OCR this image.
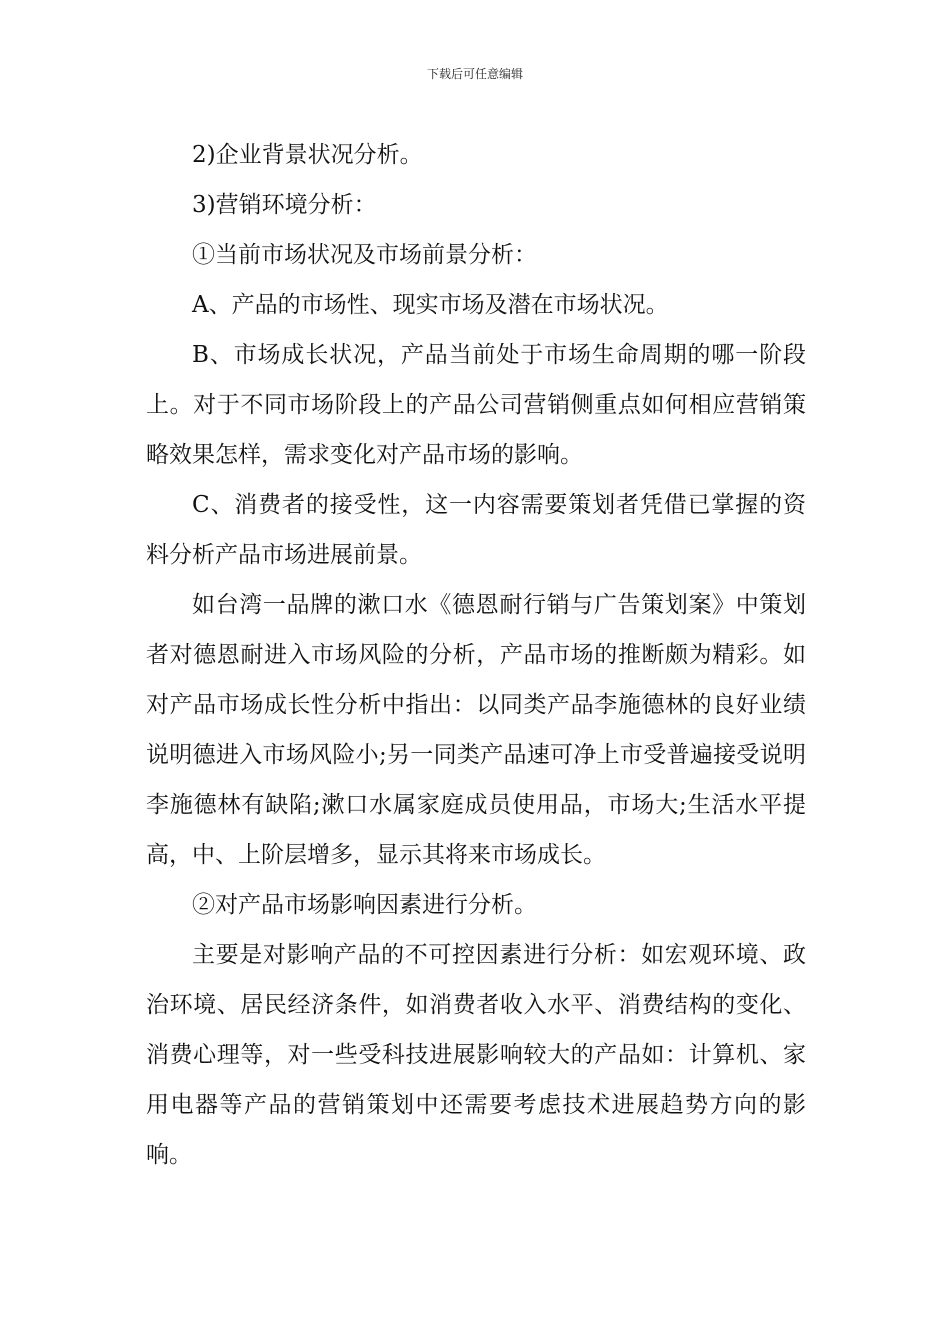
下载后可任意编辑

2)企业背景状况分析。

3)营销环境分析：

①当前市场状况及市场前景分析：

A、产品的市场性、现实市场及潜在市场状况。

B、市场成长状况，产品当前处于市场生命周期的哪一阶段上。对于不同市场阶段上的产品公司营销侧重点如何相应营销策略效果怎样，需求变化对产品市场的影响。

C、消费者的接受性，这一内容需要策划者凭借已掌握的资料分析产品市场进展前景。

如台湾一品牌的漱口水《德恩耐行销与广告策划案》中策划者对德恩耐进入市场风险的分析，产品市场的推断颇为精彩。如对产品市场成长性分析中指出：以同类产品李施德林的良好业绩说明德进入市场风险小;另一同类产品速可净上市受普遍接受说明李施德林有缺陷;漱口水属家庭成员使用品，市场大;生活水平提高，中、上阶层增多，显示其将来市场成长。

②对产品市场影响因素进行分析。

主要是对影响产品的不可控因素进行分析：如宏观环境、政治环境、居民经济条件，如消费者收入水平、消费结构的变化、消费心理等，对一些受科技进展影响较大的产品如：计算机、家用电器等产品的营销策划中还需要考虑技术进展趋势方向的影响。
